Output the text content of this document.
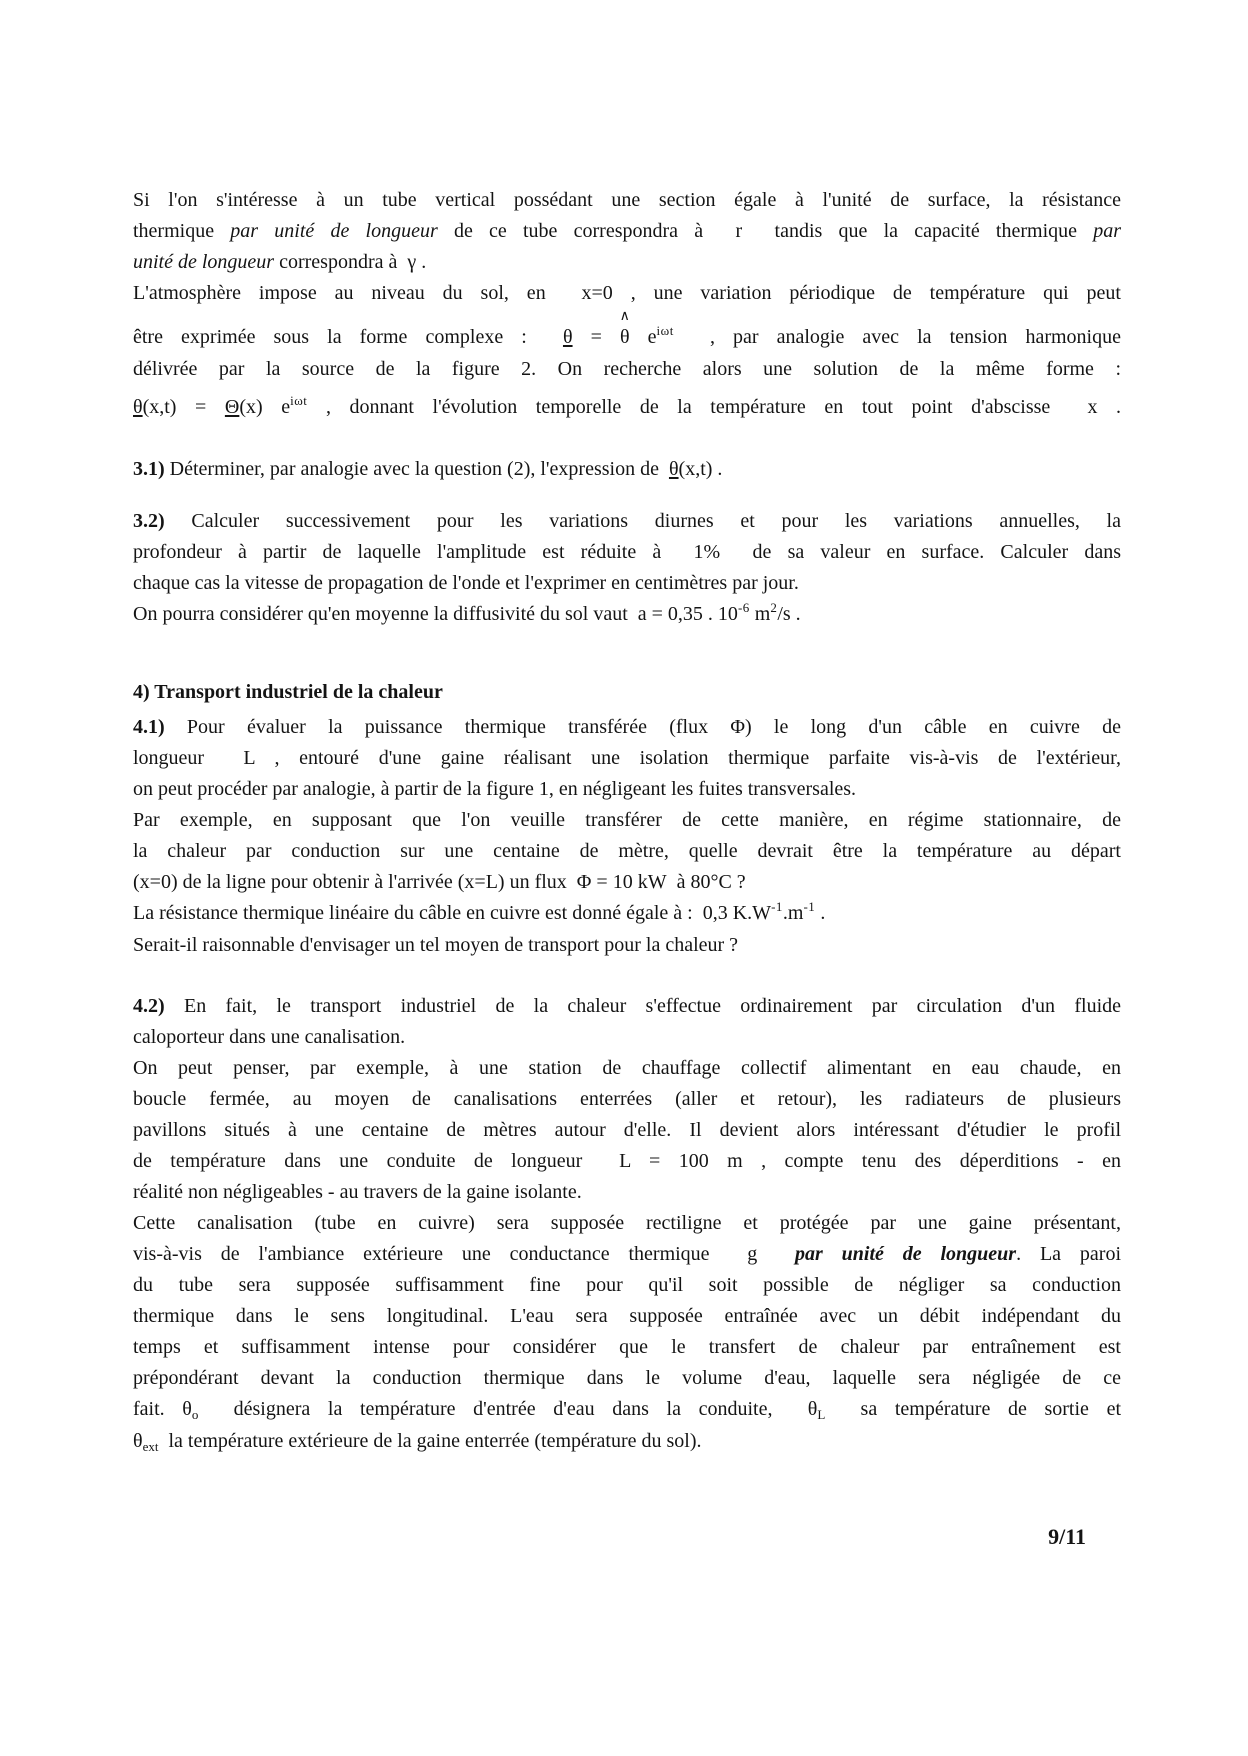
Si l'on s'intéresse à un tube vertical possédant une section égale à l'unité de surface, la résistance
thermique par unité de longueur de ce tube correspondra à  r  tandis que la capacité thermique par
unité de longueur correspondra à  γ .
L'atmosphère impose au niveau du sol, en  x=0 , une variation périodique de température qui peut
être exprimée sous la forme complexe :  θ =
∧
θ $e^{i\omega t}$  , par analogie avec la tension harmonique
délivrée par la source de la figure 2. On recherche alors une solution de la même forme :
θ(x,t) = Θ(x) $e^{i\omega t}$ , donnant l'évolution temporelle de la température en tout point d'abscisse  x .
3.1) Déterminer, par analogie avec la question (2), l'expression de  θ(x,t) .
3.2) Calculer successivement pour les variations diurnes et pour les variations annuelles, la
profondeur à partir de laquelle l'amplitude est réduite à  1%  de sa valeur en surface. Calculer dans
chaque cas la vitesse de propagation de l'onde et l'exprimer en centimètres par jour.
On pourra considérer qu'en moyenne la diffusivité du sol vaut  a = 0,35 . $10^{-6}$ $m^2/s$ .
4) Transport industriel de la chaleur
4.1) Pour évaluer la puissance thermique transférée (flux Φ) le long d'un câble en cuivre de
longueur  L , entouré d'une gaine réalisant une isolation thermique parfaite vis-à-vis de l'extérieur,
on peut procéder par analogie, à partir de la figure 1, en négligeant les fuites transversales.
Par exemple, en supposant que l'on veuille transférer de cette manière, en régime stationnaire, de
la chaleur par conduction sur une centaine de mètre, quelle devrait être la température au départ
(x=0) de la ligne pour obtenir à l'arrivée (x=L) un flux  Φ = 10 kW  à 80°C ?
La résistance thermique linéaire du câble en cuivre est donné égale à :  0,3 $K.W^{-1}.m^{-1}$ .
Serait-il raisonnable d'envisager un tel moyen de transport pour la chaleur ?
4.2) En fait, le transport industriel de la chaleur s'effectue ordinairement par circulation d'un fluide
caloporteur dans une canalisation.
On peut penser, par exemple, à une station de chauffage collectif alimentant en eau chaude, en
boucle fermée, au moyen de canalisations enterrées (aller et retour), les radiateurs de plusieurs
pavillons situés à une centaine de mètres autour d'elle. Il devient alors intéressant d'étudier le profil
de température dans une conduite de longueur  L = 100 m , compte tenu des déperditions - en
réalité non négligeables - au travers de la gaine isolante.
Cette canalisation (tube en cuivre) sera supposée rectiligne et protégée par une gaine présentant,
vis-à-vis de l'ambiance extérieure une conductance thermique  g  par unité de longueur. La paroi
du tube sera supposée suffisamment fine pour qu'il soit possible de négliger sa conduction
thermique dans le sens longitudinal. L'eau sera supposée entraînée avec un débit indépendant du
temps et suffisamment intense pour considérer que le transfert de chaleur par entraînement est
prépondérant devant la conduction thermique dans le volume d'eau, laquelle sera négligée de ce
fait. $\theta_o$  désignera la température d'entrée d'eau dans la conduite,  $\theta_L$  sa température de sortie et
$\theta_{ext}$  la température extérieure de la gaine enterrée (température du sol).
9/11
